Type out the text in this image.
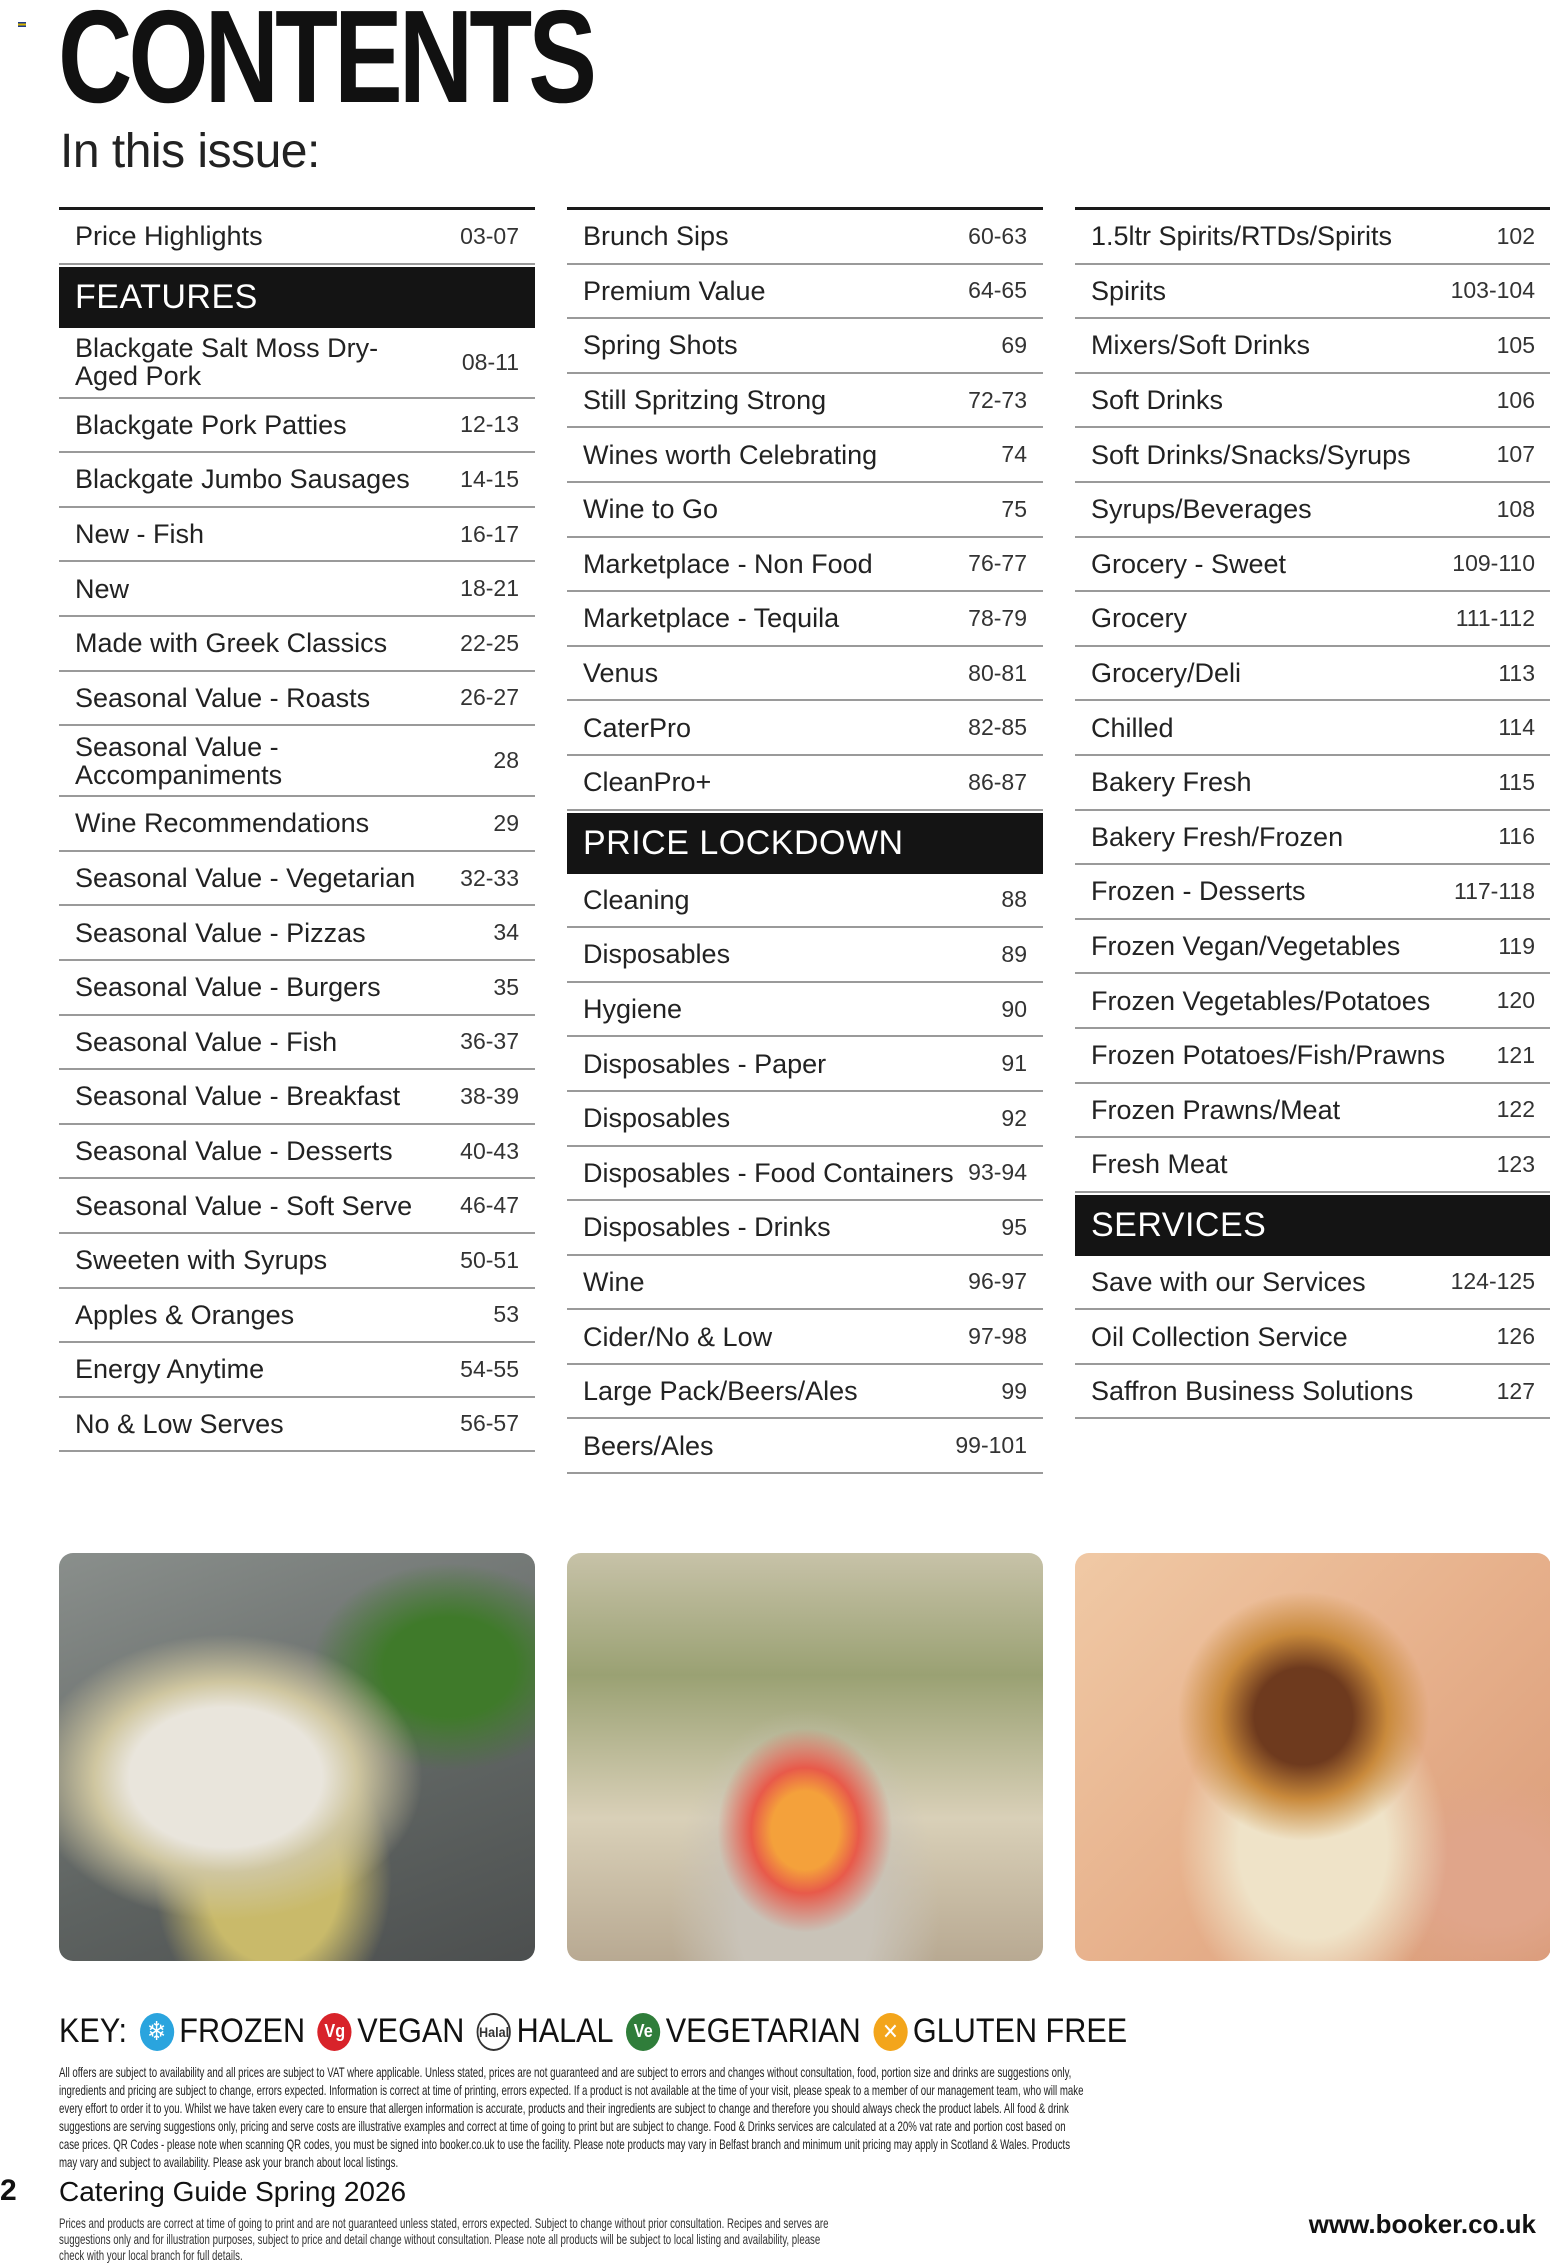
CONTENTS
In this issue:
Price Highlights	03-07
FEATURES
Blackgate Salt Moss Dry-Aged Pork	08-11
Blackgate Pork Patties	12-13
Blackgate Jumbo Sausages	14-15
New - Fish	16-17
New	18-21
Made with Greek Classics	22-25
Seasonal Value - Roasts	26-27
Seasonal Value - Accompaniments	28
Wine Recommendations	29
Seasonal Value - Vegetarian	32-33
Seasonal Value - Pizzas	34
Seasonal Value - Burgers	35
Seasonal Value - Fish	36-37
Seasonal Value - Breakfast	38-39
Seasonal Value - Desserts	40-43
Seasonal Value - Soft Serve	46-47
Sweeten with Syrups	50-51
Apples & Oranges	53
Energy Anytime	54-55
No & Low Serves	56-57
Brunch Sips	60-63
Premium Value	64-65
Spring Shots	69
Still Spritzing Strong	72-73
Wines worth Celebrating	74
Wine to Go	75
Marketplace - Non Food	76-77
Marketplace - Tequila	78-79
Venus	80-81
CaterPro	82-85
CleanPro+	86-87
PRICE LOCKDOWN
Cleaning	88
Disposables	89
Hygiene	90
Disposables - Paper	91
Disposables	92
Disposables - Food Containers 93-94
Disposables - Drinks	95
Wine	96-97
Cider/No & Low	97-98
Large Pack/Beers/Ales	99
Beers/Ales	99-101
1.5ltr Spirits/RTDs/Spirits	102
Spirits	103-104
Mixers/Soft Drinks	105
Soft Drinks	106
Soft Drinks/Snacks/Syrups	107
Syrups/Beverages	108
Grocery - Sweet	109-110
Grocery	111-112
Grocery/Deli	113
Chilled	114
Bakery Fresh	115
Bakery Fresh/Frozen	116
Frozen - Desserts	117-118
Frozen Vegan/Vegetables	119
Frozen Vegetables/Potatoes	120
Frozen Potatoes/Fish/Prawns	121
Frozen Prawns/Meat	122
Fresh Meat	123
SERVICES
Save with our Services	124-125
Oil Collection Service	126
Saffron Business Solutions	127
KEY: ❄ FROZEN	Vg VEGAN Halal HALAL	Ve VEGETARIAN ✕ GLUTEN FREE

All offers are subject to availability and all prices are subject to VAT where applicable. Unless stated, prices are not guaranteed and are subject to errors and changes without consultation, food, portion size and drinks are suggestions only, ingredients and pricing are subject to change, errors expected. Information is correct at time of printing, errors expected. If a product is not available at the time of your visit, please speak to a member of our management team, who will make every effort to order it to you. Whilst we have taken every care to ensure that allergen information is accurate, products and their ingredients are subject to change and therefore you should always check the product labels. All food & drink suggestions are serving suggestions only, pricing and serve costs are illustrative examples and correct at time of going to print but are subject to change. Food & Drinks services are calculated at a 20% vat rate and portion cost based on case prices. QR Codes - please note when scanning QR codes, you must be signed into booker.co.uk to use the facility. Please note products may vary in Belfast branch and minimum unit pricing may apply in Scotland & Wales. Products may vary and subject to availability. Please ask your branch about local listings.

2 Catering Guide Spring 2026

Prices and products are correct at time of going to print and are not guaranteed unless stated, errors expected. Subject to change without prior consultation. Recipes and serves are suggestions only and for illustration purposes, subject to price and detail change without consultation. Please note all products will be subject to local listing and availability, please check with your local branch for full details.

www.booker.co.uk
